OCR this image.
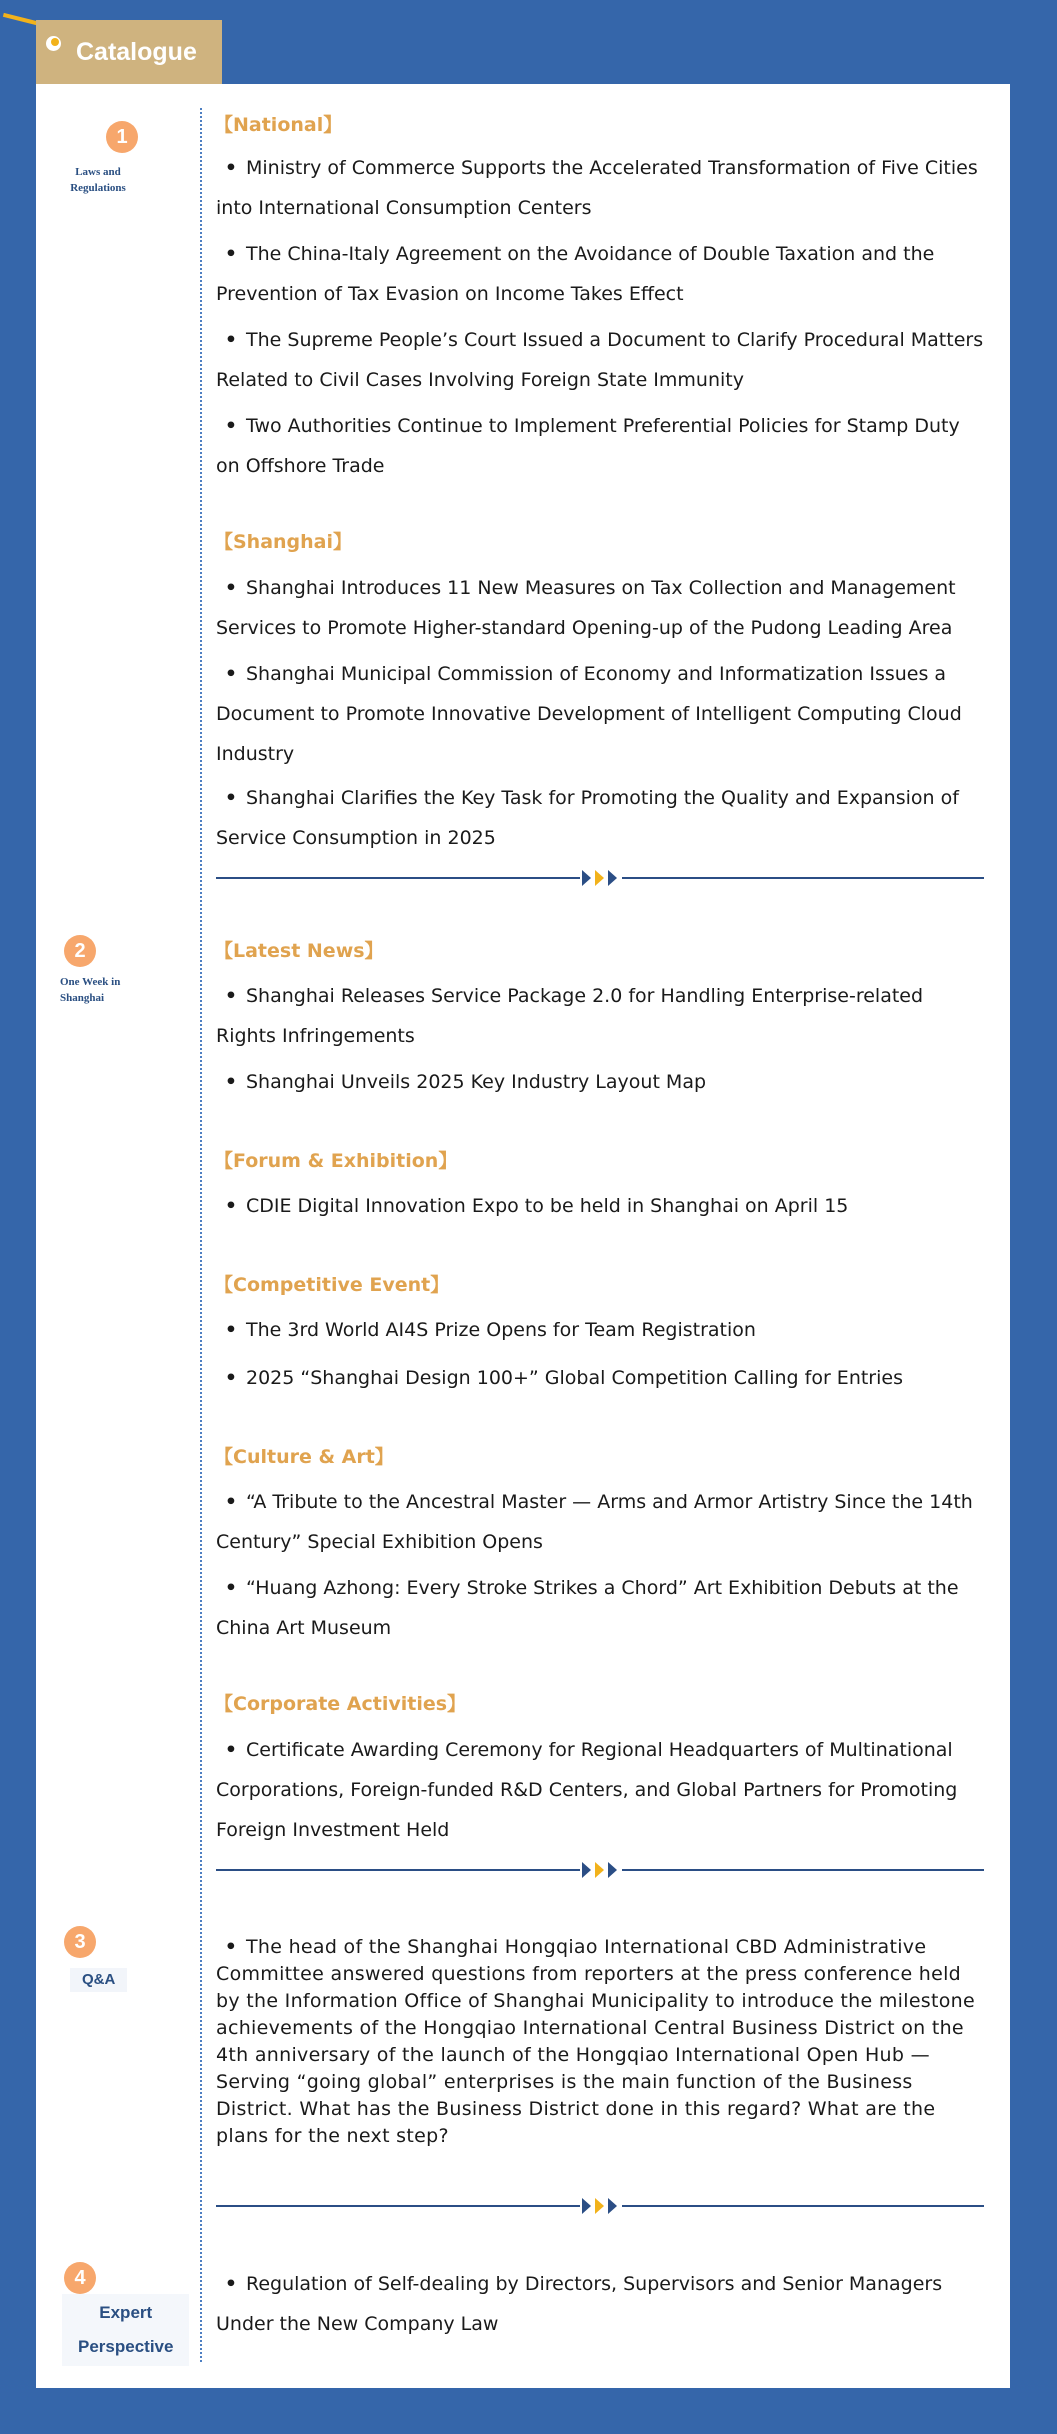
Catalogue
1
Laws and Regulations
【National】

• Ministry of Commerce Supports the Accelerated Transformation of Five Cities into International Consumption Centers

• The China-Italy Agreement on the Avoidance of Double Taxation and the Prevention of Tax Evasion on Income Takes Effect

• The Supreme People’s Court Issued a Document to Clarify Procedural Matters Related to Civil Cases Involving Foreign State Immunity

• Two Authorities Continue to Implement Preferential Policies for Stamp Duty on Offshore Trade

【Shanghai】

• Shanghai Introduces 11 New Measures on Tax Collection and Management Services to Promote Higher-standard Opening-up of the Pudong Leading Area

• Shanghai Municipal Commission of Economy and Informatization Issues a Document to Promote Innovative Development of Intelligent Computing Cloud Industry

• Shanghai Clarifies the Key Task for Promoting the Quality and Expansion of Service Consumption in 2025

2
One Week in Shanghai
【Latest News】

• Shanghai Releases Service Package 2.0 for Handling Enterprise-related Rights Infringements

• Shanghai Unveils 2025 Key Industry Layout Map

【Forum & Exhibition】

• CDIE Digital Innovation Expo to be held in Shanghai on April 15

【Competitive Event】

• The 3rd World AI4S Prize Opens for Team Registration

• 2025 “Shanghai Design 100+” Global Competition Calling for Entries

【Culture & Art】

• “A Tribute to the Ancestral Master — Arms and Armor Artistry Since the 14th Century” Special Exhibition Opens

• “Huang Azhong: Every Stroke Strikes a Chord” Art Exhibition Debuts at the China Art Museum

【Corporate Activities】

• Certificate Awarding Ceremony for Regional Headquarters of Multinational Corporations, Foreign-funded R&D Centers, and Global Partners for Promoting Foreign Investment Held

3
Q&A

• The head of the Shanghai Hongqiao International CBD Administrative Committee answered questions from reporters at the press conference held by the Information Office of Shanghai Municipality to introduce the milestone achievements of the Hongqiao International Central Business District on the 4th anniversary of the launch of the Hongqiao International Open Hub — Serving “going global” enterprises is the main function of the Business District. What has the Business District done in this regard? What are the plans for the next step?

4
Expert
Perspective

• Regulation of Self-dealing by Directors, Supervisors and Senior Managers Under the New Company Law
